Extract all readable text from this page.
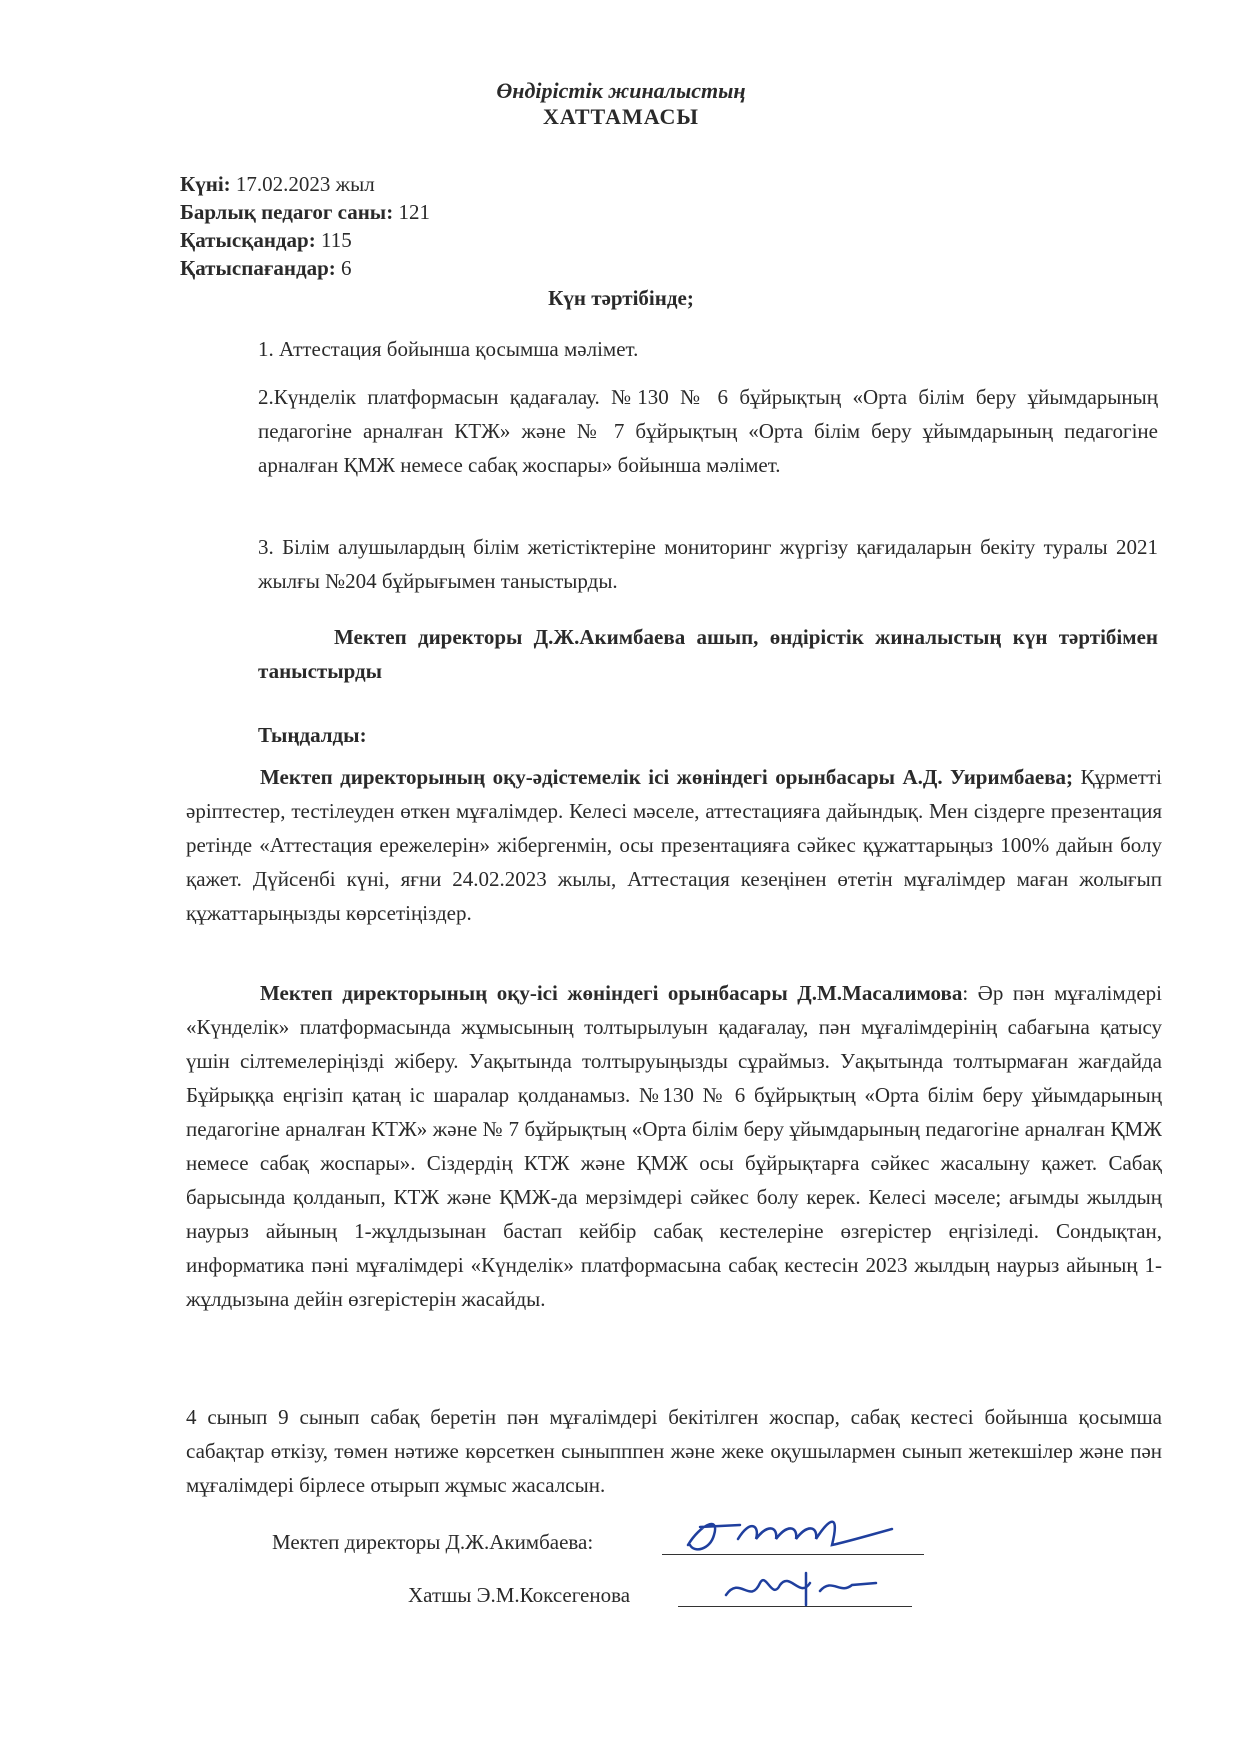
Өндірістік жиналыстың
ХАТТАМАСЫ
Күні: 17.02.2023 жыл
Барлық педагог саны: 121
Қатысқандар: 115
Қатыспағандар: 6
Күн тәртібінде;

1. Аттестация бойынша қосымша мәлімет.

2.Күнделік платформасын қадағалау. №130 № 6 бұйрықтың «Орта білім беру ұйымдарының педагогіне арналған КТЖ» және № 7 бұйрықтың «Орта білім беру ұйымдарының педагогіне арналған ҚМЖ немесе сабақ жоспары» бойынша мәлімет.

3. Білім алушылардың білім жетістіктеріне мониторинг жүргізу қағидаларын бекіту туралы 2021 жылғы №204 бұйрығымен таныстырды.

Мектеп директоры Д.Ж.Акимбаева ашып, өндірістік жиналыстың күн тәртібімен таныстырды

Тыңдалды:

Мектеп директорының оқу-әдістемелік ісі жөніндегі орынбасары А.Д. Уиримбаева; Құрметті әріптестер, тестілеуден өткен мұғалімдер. Келесі мәселе, аттестацияға дайындық. Мен сіздерге презентация ретінде «Аттестация ережелерін» жібергенмін, осы презентацияға сәйкес құжаттарыңыз 100% дайын болу қажет. Дүйсенбі күні, яғни 24.02.2023 жылы, Аттестация кезеңінен өтетін мұғалімдер маған жолығып құжаттарыңызды көрсетіңіздер.

Мектеп директорының оқу-ісі жөніндегі орынбасары Д.М.Масалимова: Әр пән мұғалімдері «Күнделік» платформасында жұмысының толтырылуын қадағалау, пән мұғалімдерінің сабағына қатысу үшін сілтемелеріңізді жіберу. Уақытында толтыруыңызды сұраймыз. Уақытында толтырмаған жағдайда Бұйрыққа еңгізіп қатаң іс шаралар қолданамыз. №130 № 6 бұйрықтың «Орта білім беру ұйымдарының педагогіне арналған КТЖ» және № 7 бұйрықтың «Орта білім беру ұйымдарының педагогіне арналған ҚМЖ немесе сабақ жоспары». Сіздердің КТЖ және ҚМЖ осы бұйрықтарға сәйкес жасалыну қажет. Сабақ барысында қолданып, КТЖ және ҚМЖ-да мерзімдері сәйкес болу керек. Келесі мәселе; ағымды жылдың наурыз айының 1-жұлдызынан бастап кейбір сабақ кестелеріне өзгерістер еңгізіледі. Сондықтан, информатика пәні мұғалімдері «Күнделік» платформасына сабақ кестесін 2023 жылдың наурыз айының 1-жұлдызына дейін өзгерістерін жасайды.

4 сынып 9 сынып сабақ беретін пән мұғалімдері бекітілген жоспар, сабақ кестесі бойынша қосымша сабақтар өткізу, төмен нәтиже көрсеткен сыныпппен және жеке оқушылармен сынып жетекшілер және пән мұғалімдері бірлесе отырып жұмыс жасалсын.

Мектеп директоры Д.Ж.Акимбаева:
Хатшы Э.М.Коксегенова
